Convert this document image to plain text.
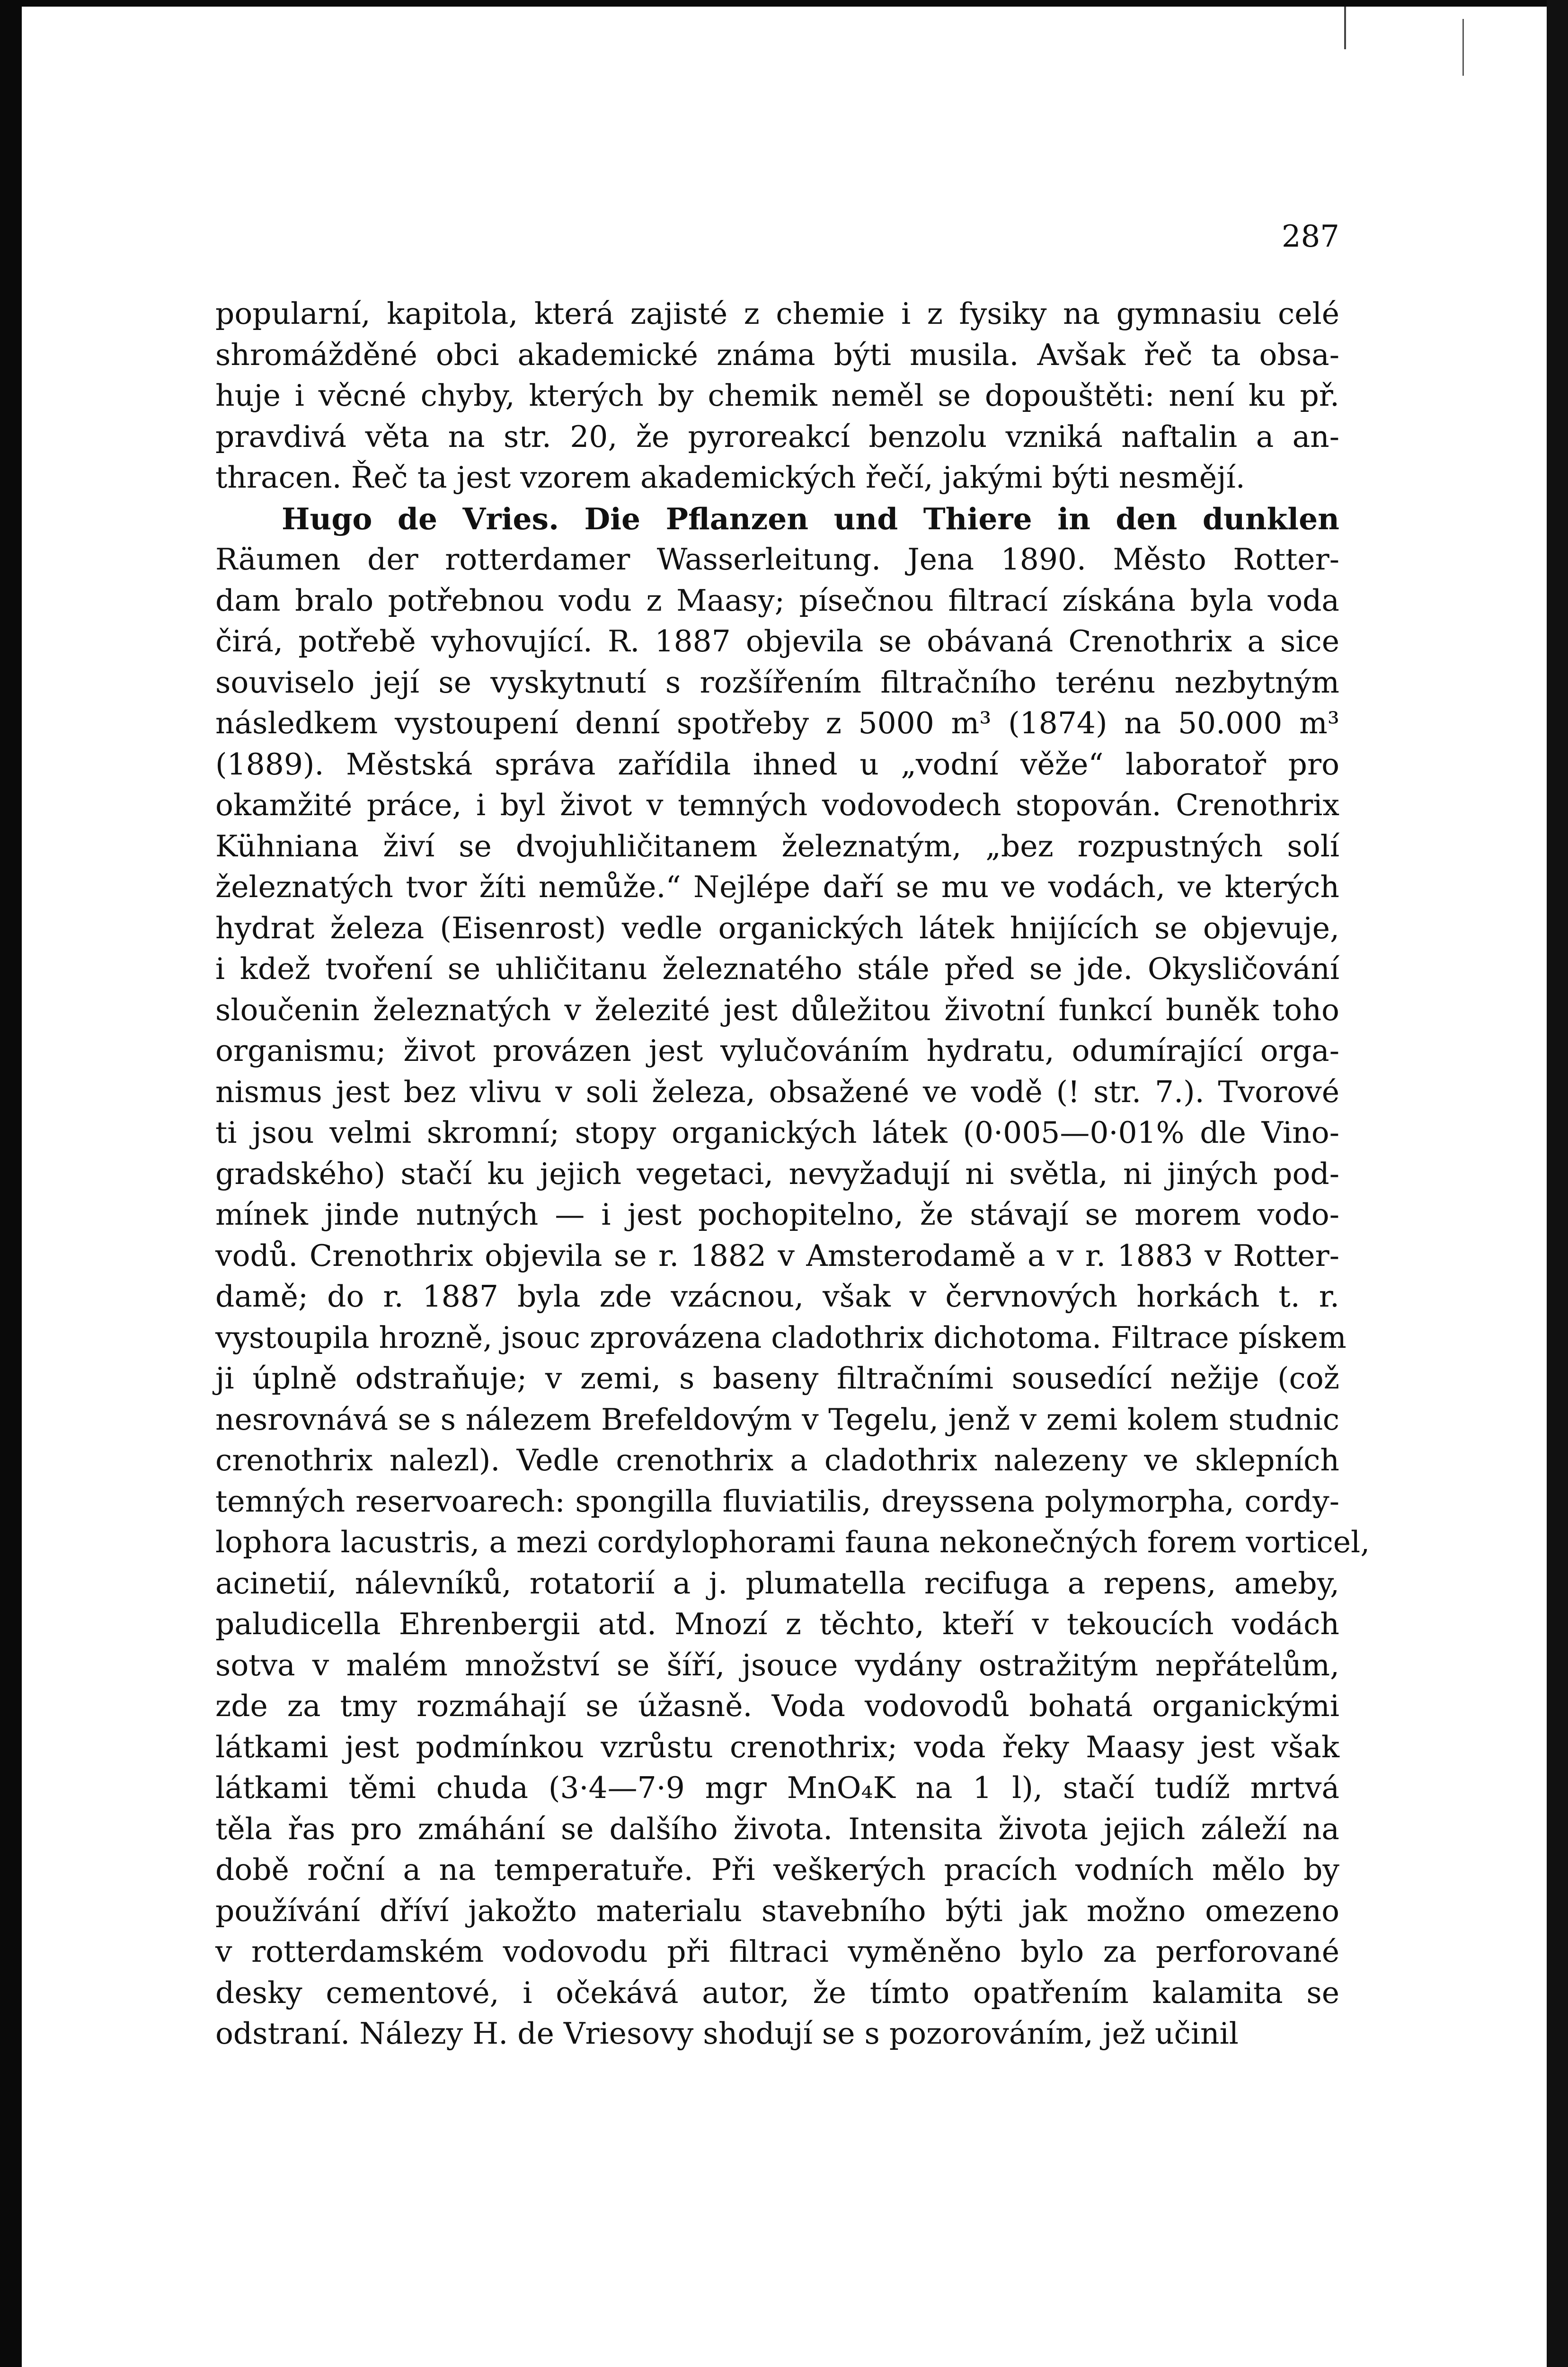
287
popularní, kapitola, která zajisté z chemie i z fysiky na gymnasiu celé
shromážděné obci akademické známa býti musila. Avšak řeč ta obsa-
huje i věcné chyby, kterých by chemik neměl se dopouštěti: není ku př.
pravdivá věta na str. 20, že pyroreakcí benzolu vzniká naftalin a an-
thracen. Řeč ta jest vzorem akademických řečí, jakými býti nesmějí.
Hugo de Vries. Die Pflanzen und Thiere in den dunklen
Räumen der rotterdamer Wasserleitung. Jena 1890. Město Rotter-
dam bralo potřebnou vodu z Maasy; písečnou filtrací získána byla voda
čirá, potřebě vyhovující. R. 1887 objevila se obávaná Crenothrix a sice
souviselo její se vyskytnutí s rozšířením filtračního terénu nezbytným
následkem vystoupení denní spotřeby z 5000 m³ (1874) na 50.000 m³
(1889). Městská správa zařídila ihned u „vodní věže“ laboratoř pro
okamžité práce, i byl život v temných vodovodech stopován. Crenothrix
Kühniana živí se dvojuhličitanem železnatým, „bez rozpustných solí
železnatých tvor žíti nemůže.“ Nejlépe daří se mu ve vodách, ve kterých
hydrat železa (Eisenrost) vedle organických látek hnijících se objevuje,
i kdež tvoření se uhličitanu železnatého stále před se jde. Okysličování
sloučenin železnatých v železité jest důležitou životní funkcí buněk toho
organismu; život provázen jest vylučováním hydratu, odumírající orga-
nismus jest bez vlivu v soli železa, obsažené ve vodě (! str. 7.). Tvorové
ti jsou velmi skromní; stopy organických látek (0·005—0·01% dle Vino-
gradského) stačí ku jejich vegetaci, nevyžadují ni světla, ni jiných pod-
mínek jinde nutných — i jest pochopitelno, že stávají se morem vodo-
vodů. Crenothrix objevila se r. 1882 v Amsterodamě a v r. 1883 v Rotter-
damě; do r. 1887 byla zde vzácnou, však v červnových horkách t. r.
vystoupila hrozně, jsouc zprovázena cladothrix dichotoma. Filtrace pískem
ji úplně odstraňuje; v zemi, s baseny filtračními sousedící nežije (což
nesrovnává se s nálezem Brefeldovým v Tegelu, jenž v zemi kolem studnic
crenothrix nalezl). Vedle crenothrix a cladothrix nalezeny ve sklepních
temných reservoarech: spongilla fluviatilis, dreyssena polymorpha, cordy-
lophora lacustris, a mezi cordylophorami fauna nekonečných forem vorticel,
acinetií, nálevníků, rotatorií a j. plumatella recifuga a repens, ameby,
paludicella Ehrenbergii atd. Mnozí z těchto, kteří v tekoucích vodách
sotva v malém množství se šíří, jsouce vydány ostražitým nepřátelům,
zde za tmy rozmáhají se úžasně. Voda vodovodů bohatá organickými
látkami jest podmínkou vzrůstu crenothrix; voda řeky Maasy jest však
látkami těmi chuda (3·4—7·9 mgr MnO₄K na 1 l), stačí tudíž mrtvá
těla řas pro zmáhání se dalšího života. Intensita života jejich záleží na
době roční a na temperatuře. Při veškerých pracích vodních mělo by
používání dříví jakožto materialu stavebního býti jak možno omezeno
v rotterdamském vodovodu při filtraci vyměněno bylo za perforované
desky cementové, i očekává autor, že tímto opatřením kalamita se
odstraní. Nálezy H. de Vriesovy shodují se s pozorováním, jež učinil
